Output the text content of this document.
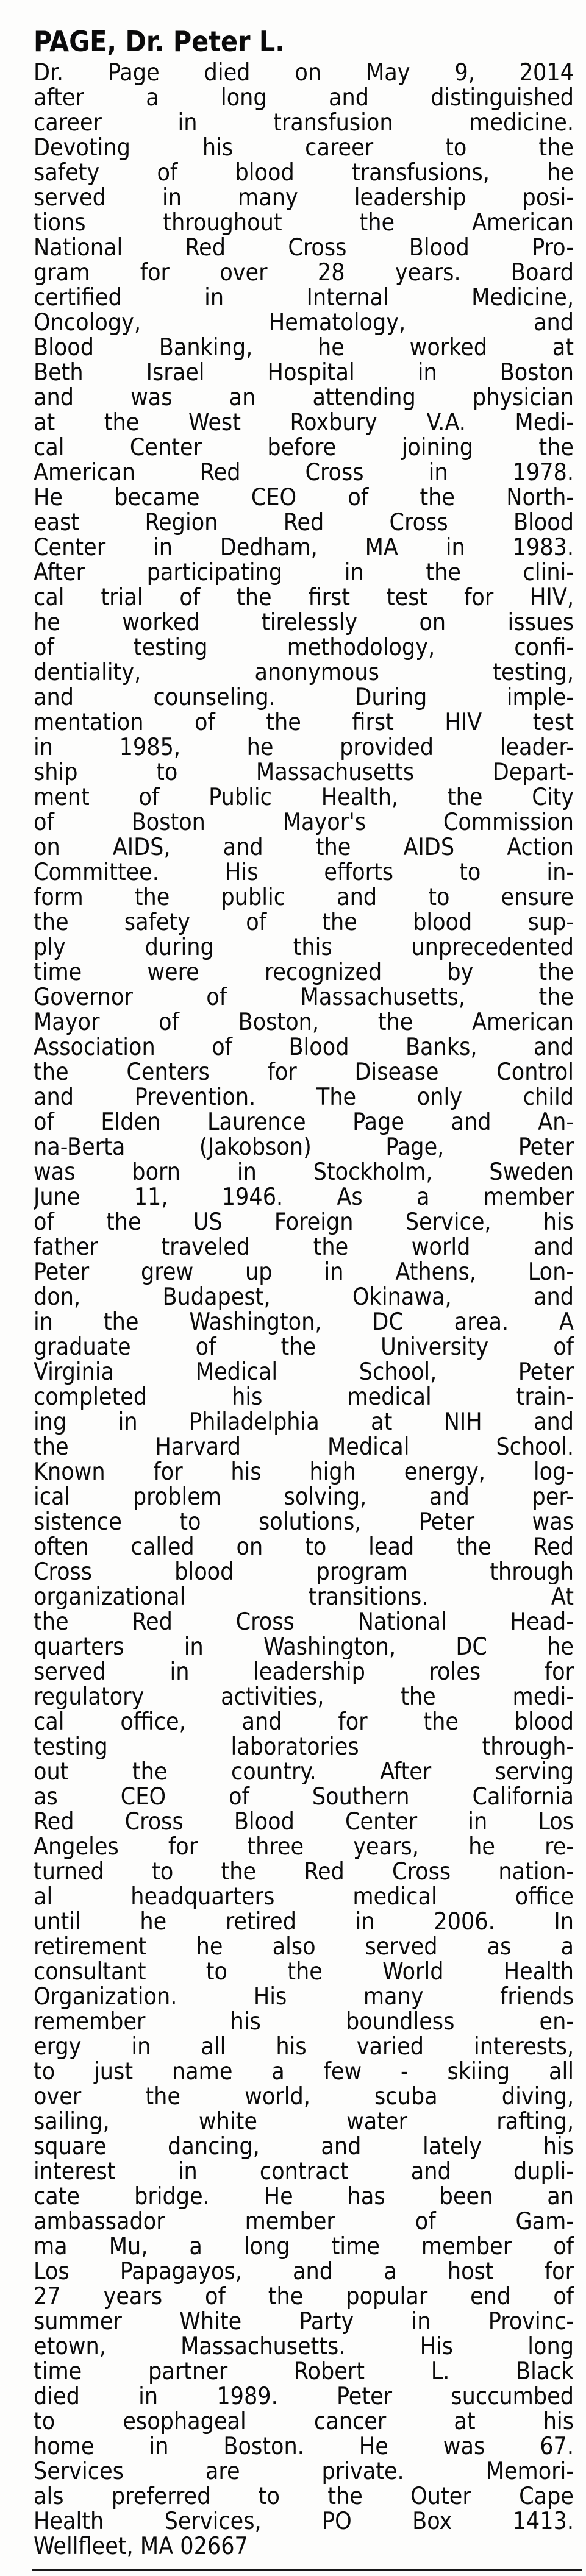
PAGE, Dr. Peter L.
Dr. Page died on May 9, 2014
after a long and distinguished
career in transfusion medicine.
Devoting his career to the
safety of blood transfusions, he
served in many leadership posi-
tions throughout the American
National Red Cross Blood Pro-
gram for over 28 years. Board
certified in Internal Medicine,
Oncology, Hematology, and
Blood Banking, he worked at
Beth Israel Hospital in Boston
and was an attending physician
at the West Roxbury V.A. Medi-
cal Center before joining the
American Red Cross in 1978.
He became CEO of the North-
east Region Red Cross Blood
Center in Dedham, MA in 1983.
After participating in the clini-
cal trial of the first test for HIV,
he worked tirelessly on issues
of testing methodology, confi-
dentiality, anonymous testing,
and counseling. During imple-
mentation of the first HIV test
in 1985, he provided leader-
ship to Massachusetts Depart-
ment of Public Health, the City
of Boston Mayor's Commission
on AIDS, and the AIDS Action
Committee. His efforts to in-
form the public and to ensure
the safety of the blood sup-
ply during this unprecedented
time were recognized by the
Governor of Massachusetts, the
Mayor of Boston, the American
Association of Blood Banks, and
the Centers for Disease Control
and Prevention. The only child
of Elden Laurence Page and An-
na-Berta (Jakobson) Page, Peter
was born in Stockholm, Sweden
June 11, 1946. As a member
of the US Foreign Service, his
father traveled the world and
Peter grew up in Athens, Lon-
don, Budapest, Okinawa, and
in the Washington, DC area. A
graduate of the University of
Virginia Medical School, Peter
completed his medical train-
ing in Philadelphia at NIH and
the Harvard Medical School.
Known for his high energy, log-
ical problem solving, and per-
sistence to solutions, Peter was
often called on to lead the Red
Cross blood program through
organizational transitions. At
the Red Cross National Head-
quarters in Washington, DC he
served in leadership roles for
regulatory activities, the medi-
cal office, and for the blood
testing laboratories through-
out the country. After serving
as CEO of Southern California
Red Cross Blood Center in Los
Angeles for three years, he re-
turned to the Red Cross nation-
al headquarters medical office
until he retired in 2006. In
retirement he also served as a
consultant to the World Health
Organization. His many friends
remember his boundless en-
ergy in all his varied interests,
to just name a few - skiing all
over the world, scuba diving,
sailing, white water rafting,
square dancing, and lately his
interest in contract and dupli-
cate bridge. He has been an
ambassador member of Gam-
ma Mu, a long time member of
Los Papagayos, and a host for
27 years of the popular end of
summer White Party in Provinc-
etown, Massachusetts. His long
time partner Robert L. Black
died in 1989. Peter succumbed
to esophageal cancer at his
home in Boston. He was 67.
Services are private. Memori-
als preferred to the Outer Cape
Health Services, PO Box 1413.
Wellfleet, MA 02667
